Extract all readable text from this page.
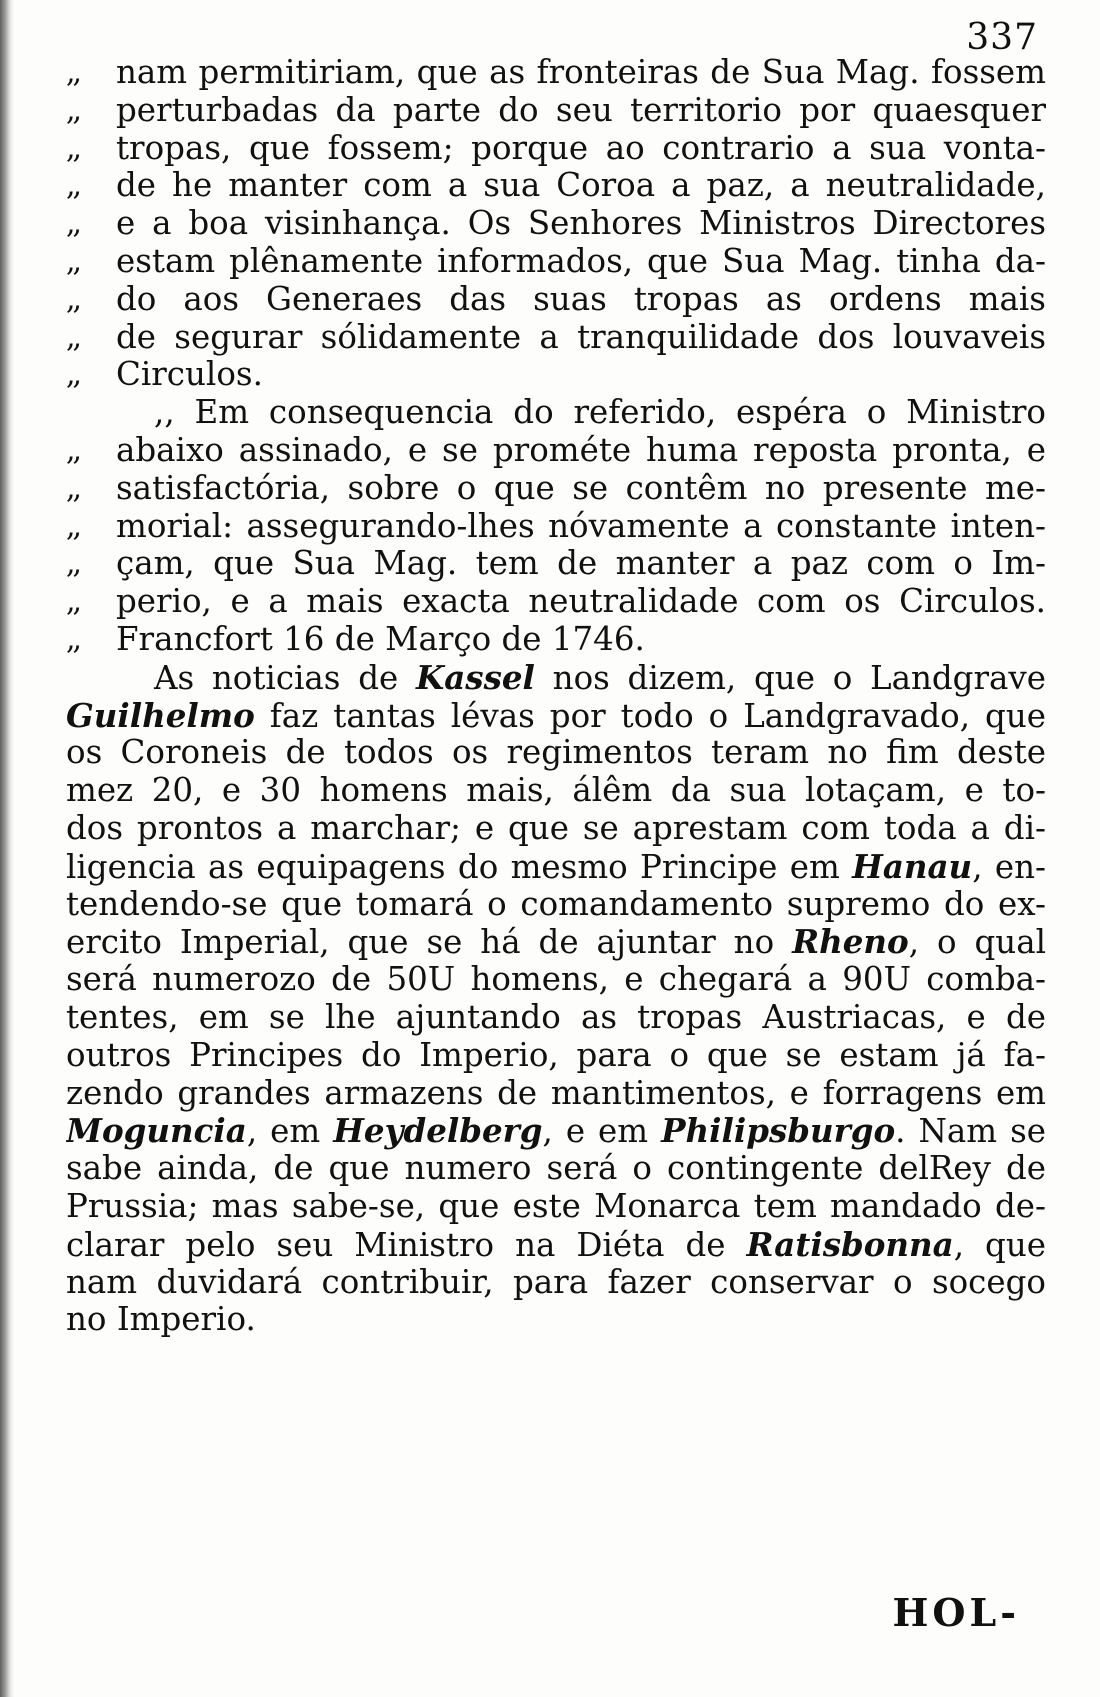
337
,,	nam permitiriam, que as fronteiras de Sua Mag. fossem
,,	perturbadas da parte do seu territorio por quaesquer
,,	tropas, que fossem; porque ao contrario a sua vonta-
,,	de he manter com a sua Coroa a paz, a neutralidade,
,,	e a boa visinhança. Os Senhores Ministros Directores
,,	estam plênamente informados, que Sua Mag. tinha da-
,,	do aos Generaes das suas tropas as ordens mais
,,	de segurar sólidamente a tranquilidade dos louvaveis
,,	Circulos.
,, Em consequencia do referido, espéra o Ministro
,,	abaixo assinado, e se prométe huma reposta pronta, e
,,	satisfactória, sobre o que se contêm no presente me-
,,	morial: assegurando-lhes nóvamente a constante inten-
,,	çam, que Sua Mag. tem de manter a paz com o Im-
,,	perio, e a mais exacta neutralidade com os Circulos.
,,	Francfort 16 de Março de 1746.
As noticias de Kassel nos dizem, que o Landgrave
Guilhelmo faz tantas lévas por todo o Landgravado, que
os Coroneis de todos os regimentos teram no fim deste
mez 20, e 30 homens mais, álêm da sua lotaçam, e to-
dos prontos a marchar; e que se aprestam com toda a di-
ligencia as equipagens do mesmo Principe em Hanau, en-
tendendo-se que tomará o comandamento supremo do ex-
ercito Imperial, que se há de ajuntar no Rheno, o qual
será numerozo de 50U homens, e chegará a 90U comba-
tentes, em se lhe ajuntando as tropas Austriacas, e de
outros Principes do Imperio, para o que se estam já fa-
zendo grandes armazens de mantimentos, e forragens em
Moguncia, em Heydelberg, e em Philipsburgo. Nam se
sabe ainda, de que numero será o contingente delRey de
Prussia; mas sabe-se, que este Monarca tem mandado de-
clarar pelo seu Ministro na Diéta de Ratisbonna, que
nam duvidará contribuir, para fazer conservar o socego
no Imperio.
HOL-
